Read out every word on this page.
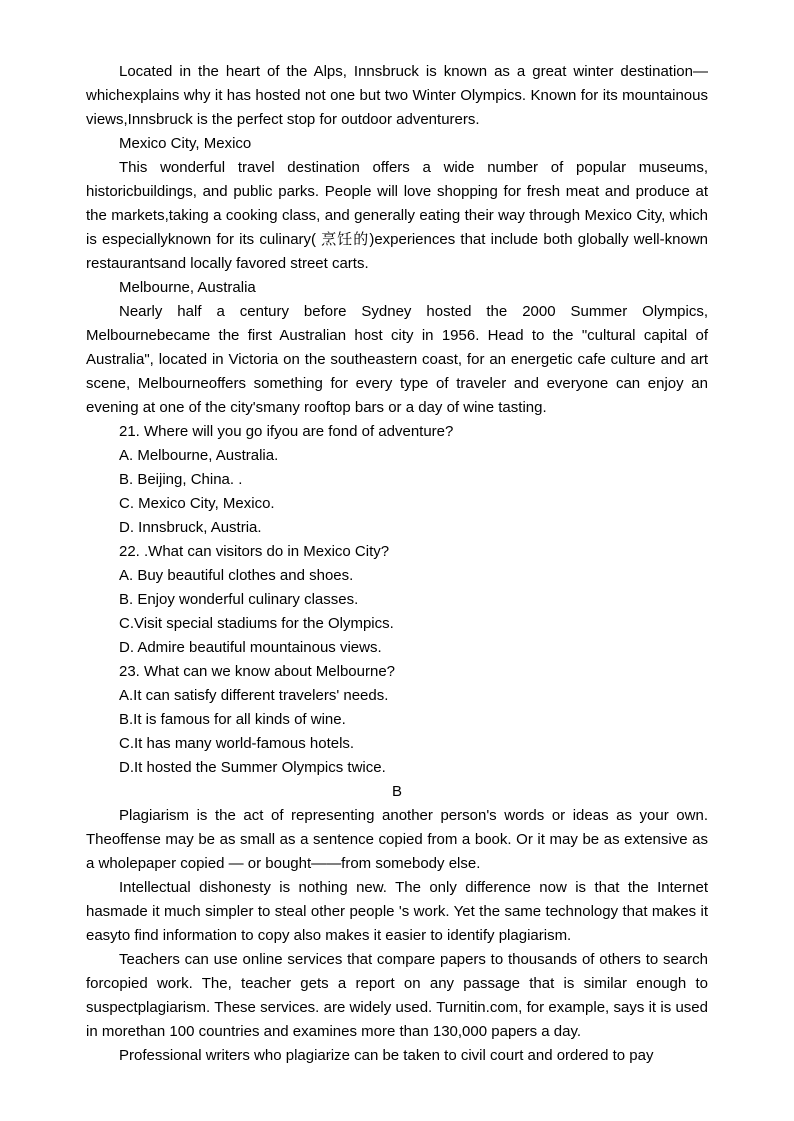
Located in the heart of the Alps, Innsbruck is known as a great winter destination—whichexplains why it has hosted not one but two Winter Olympics. Known for its mountainous views,Innsbruck is the perfect stop for outdoor adventurers.

Mexico City, Mexico

This wonderful travel destination offers a wide number of popular museums, historicbuildings, and public parks. People will love shopping for fresh meat and produce at the markets,taking a cooking class, and generally eating their way through Mexico City, which is especiallyknown for its culinary( 烹饪的)experiences that include both globally well-known restaurantsand locally favored street carts.

Melbourne, Australia

Nearly half a century before Sydney hosted the 2000 Summer Olympics, Melbournebecame the first Australian host city in 1956. Head to the "cultural capital of Australia", located in Victoria on the southeastern coast, for an energetic cafe culture and art scene, Melbourneoffers something for every type of traveler and everyone can enjoy an evening at one of the city'smany rooftop bars or a day of wine tasting.

21. Where will you go ifyou are fond of adventure?

A. Melbourne, Australia.

B. Beijing, China. .

C. Mexico City, Mexico.

D. Innsbruck, Austria.

22. .What can visitors do in Mexico City?

A. Buy beautiful clothes and shoes.

B. Enjoy wonderful culinary classes.

C.Visit special stadiums for the Olympics.

D. Admire beautiful mountainous views.

23. What can we know about Melbourne?

A.It can satisfy different travelers' needs.

B.It is famous for all kinds of wine.

C.It has many world-famous hotels.

D.It hosted the Summer Olympics twice.

B

Plagiarism is the act of representing another person's words or ideas as your own. Theoffense may be as small as a sentence copied from a book. Or it may be as extensive as a wholepaper copied — or bought——from somebody else.

Intellectual dishonesty is nothing new. The only difference now is that the Internet hasmade it much simpler to steal other people 's work. Yet the same technology that makes it easyto find information to copy also makes it easier to identify plagiarism.

Teachers can use online services that compare papers to thousands of others to search forcopied work. The, teacher gets a report on any passage that is similar enough to suspectplagiarism. These services. are widely used. Turnitin.com, for example, says it is used in morethan 100 countries and examines more than 130,000 papers a day.

Professional writers who plagiarize can be taken to civil court and ordered to pay
